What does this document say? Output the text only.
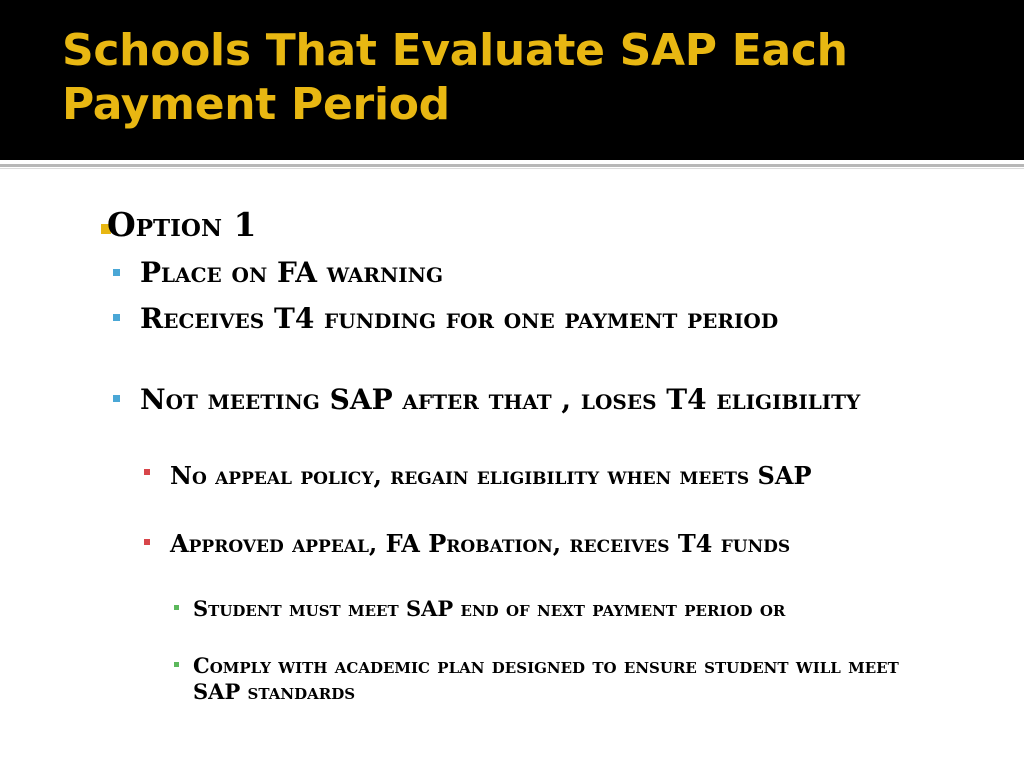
Schools That Evaluate SAP Each Payment Period

Option 1

Place on FA warning

Receives T4 funding for one payment period

Not meeting SAP after that , loses T4 eligibility

No appeal policy, regain eligibility when meets SAP

Approved appeal, FA Probation, receives T4 funds

Student must meet SAP end of next payment period or

Comply with academic plan designed to ensure student will meet SAP standards
